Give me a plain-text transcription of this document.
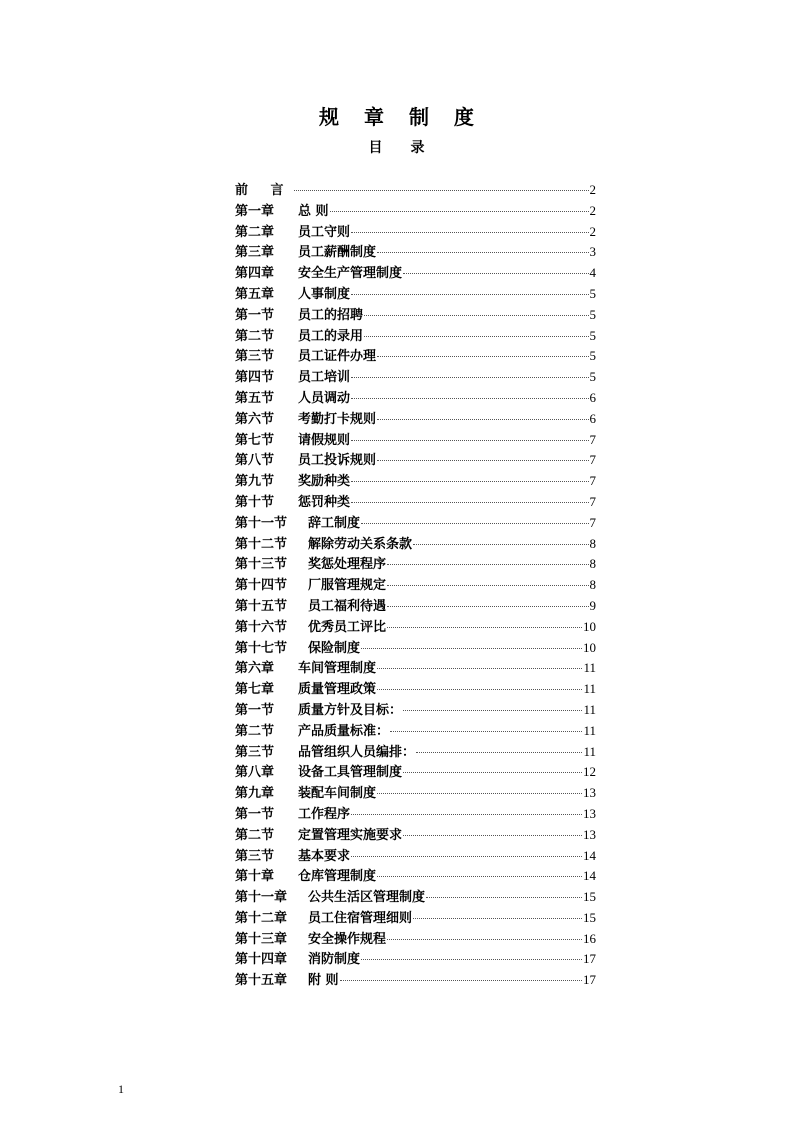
规 章 制 度
目 录
前 言	2
第一章 总 则	2
第二章 员工守则	2
第三章 员工薪酬制度	3
第四章 安全生产管理制度	4
第五章 人事制度	5
第一节 员工的招聘	5
第二节 员工的录用	5
第三节 员工证件办理	5
第四节 员工培训	5
第五节 人员调动	6
第六节 考勤打卡规则	6
第七节 请假规则	7
第八节 员工投诉规则	7
第九节 奖励种类	7
第十节 惩罚种类	7
第十一节 辞工制度	7
第十二节 解除劳动关系条款	8
第十三节 奖惩处理程序	8
第十四节 厂服管理规定	8
第十五节 员工福利待遇	9
第十六节 优秀员工评比	10
第十七节 保险制度	10
第六章 车间管理制度	11
第七章 质量管理政策	11
第一节 质量方针及目标：	11
第二节 产品质量标准：	11
第三节 品管组织人员编排：	11
第八章 设备工具管理制度	12
第九章 装配车间制度	13
第一节 工作程序	13
第二节 定置管理实施要求	13
第三节 基本要求	14
第十章 仓库管理制度	14
第十一章 公共生活区管理制度	15
第十二章 员工住宿管理细则	15
第十三章 安全操作规程	16
第十四章 消防制度	17
第十五章 附 则	17
1
